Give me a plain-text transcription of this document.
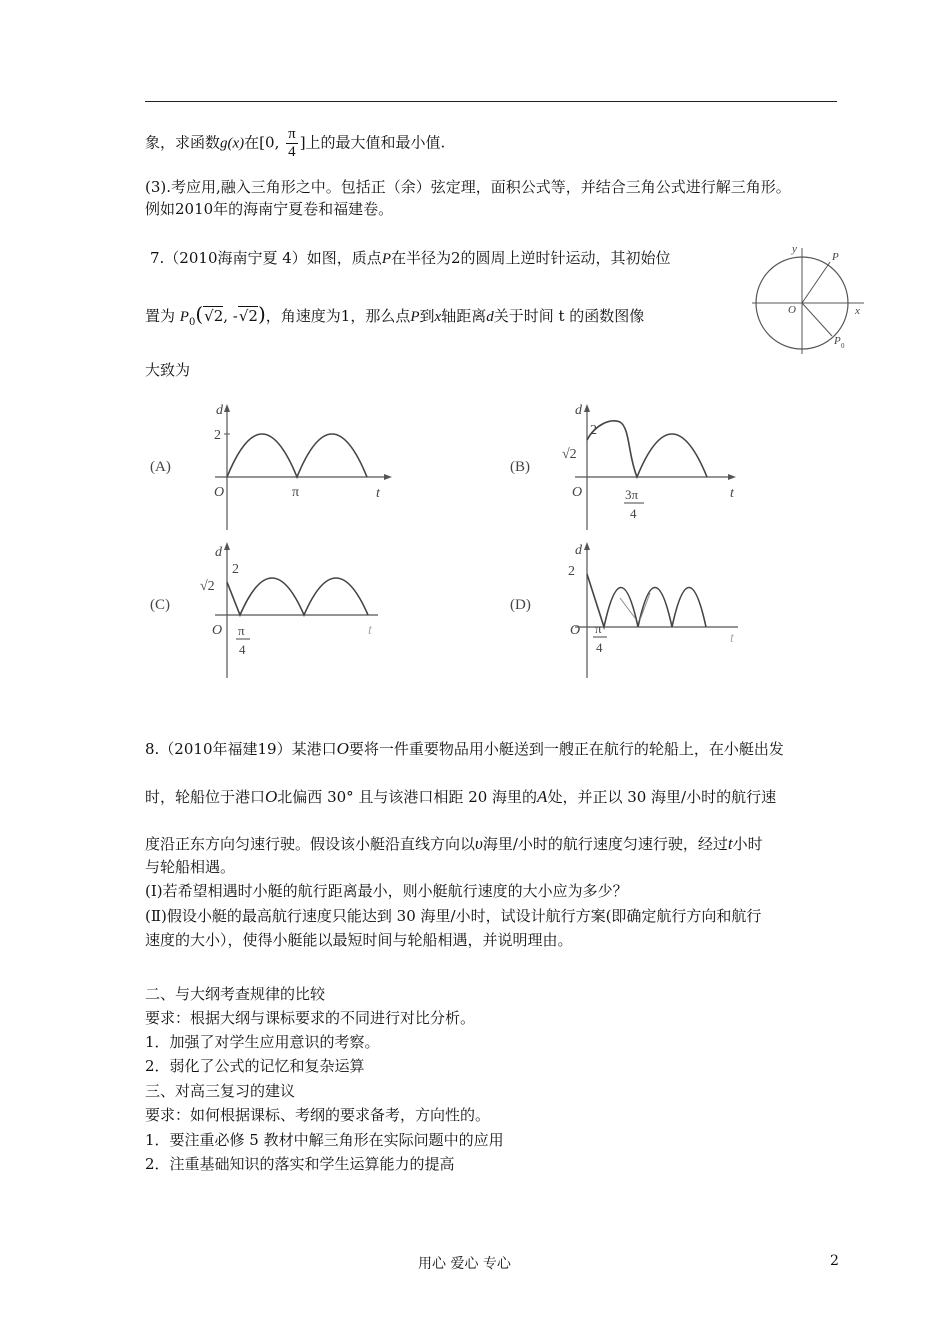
象，求函数g(x)在[0, $\frac{\pi}{4}$ ]上的最大值和最小值.
(3).考应用,融入三角形之中。包括正（余）弦定理，面积公式等，并结合三角公式进行解三角形。
例如2010年的海南宁夏卷和福建卷。
7.（2010海南宁夏 4）如图，质点P在半径为2的圆周上逆时针运动，其初始位
置为 $P_0(√2$, -√2)，角速度为1，那么点P到x轴距离d关于时间 t 的函数图像
大致为
y
x
O
P
P 0
(A)
d
2
O	π	t
(B)
d
2
√2
O	3π
4
t
(C)
d
2
√2
O π
4
t
(D)
d
2
O π
4
t
8.（2010年福建19）某港口O要将一件重要物品用小艇送到一艘正在航行的轮船上，在小艇出发
时，轮船位于港口O北偏西 30° 且与该港口相距 20 海里的A处，并正以 30 海里/小时的航行速
度沿正东方向匀速行驶。假设该小艇沿直线方向以υ海里/小时的航行速度匀速行驶，经过t小时
与轮船相遇。
(Ⅰ)若希望相遇时小艇的航行距离最小，则小艇航行速度的大小应为多少？
(Ⅱ)假设小艇的最高航行速度只能达到 30 海里/小时，试设计航行方案(即确定航行方向和航行
速度的大小），使得小艇能以最短时间与轮船相遇，并说明理由。
二、与大纲考查规律的比较
要求：根据大纲与课标要求的不同进行对比分析。
1．加强了对学生应用意识的考察。
2．弱化了公式的记忆和复杂运算
三、对高三复习的建议
要求：如何根据课标、考纲的要求备考，方向性的。
1．要注重必修 5 教材中解三角形在实际问题中的应用
2．注重基础知识的落实和学生运算能力的提高
用心 爱心 专心	2
